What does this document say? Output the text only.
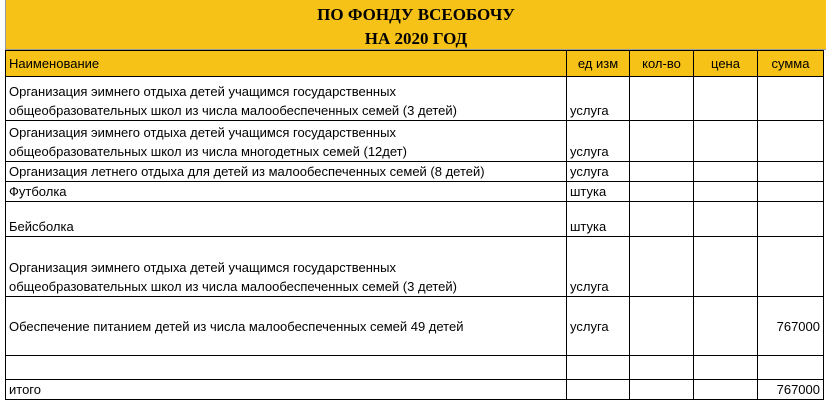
ПО ФОНДУ ВСЕОБОЧУ
НА 2020 ГОД
Наименование	ед изм	кол-во	цена	сумма

Организация эимнего отдыха детей учащимся государственных
общеобразовательных школ из числа малообеспеченных семей (3 детей)	услуга			

Организация эимнего отдыха детей учащимся государственных
общеобразовательных школ из числа многодетных семей (12дет)	услуга			
Организация летнего отдыха для детей из малообеспеченных семей (8 детей)	услуга			
Футболка	штука			
Бейсболка	штука			

Организация эимнего отдыха детей учащимся государственных
общеобразовательных школ из числа малообеспеченных семей (3 детей)	услуга			
Обеспечение питанием детей из числа малообеспеченных семей 49 детей	услуга			767000

итого				767000
